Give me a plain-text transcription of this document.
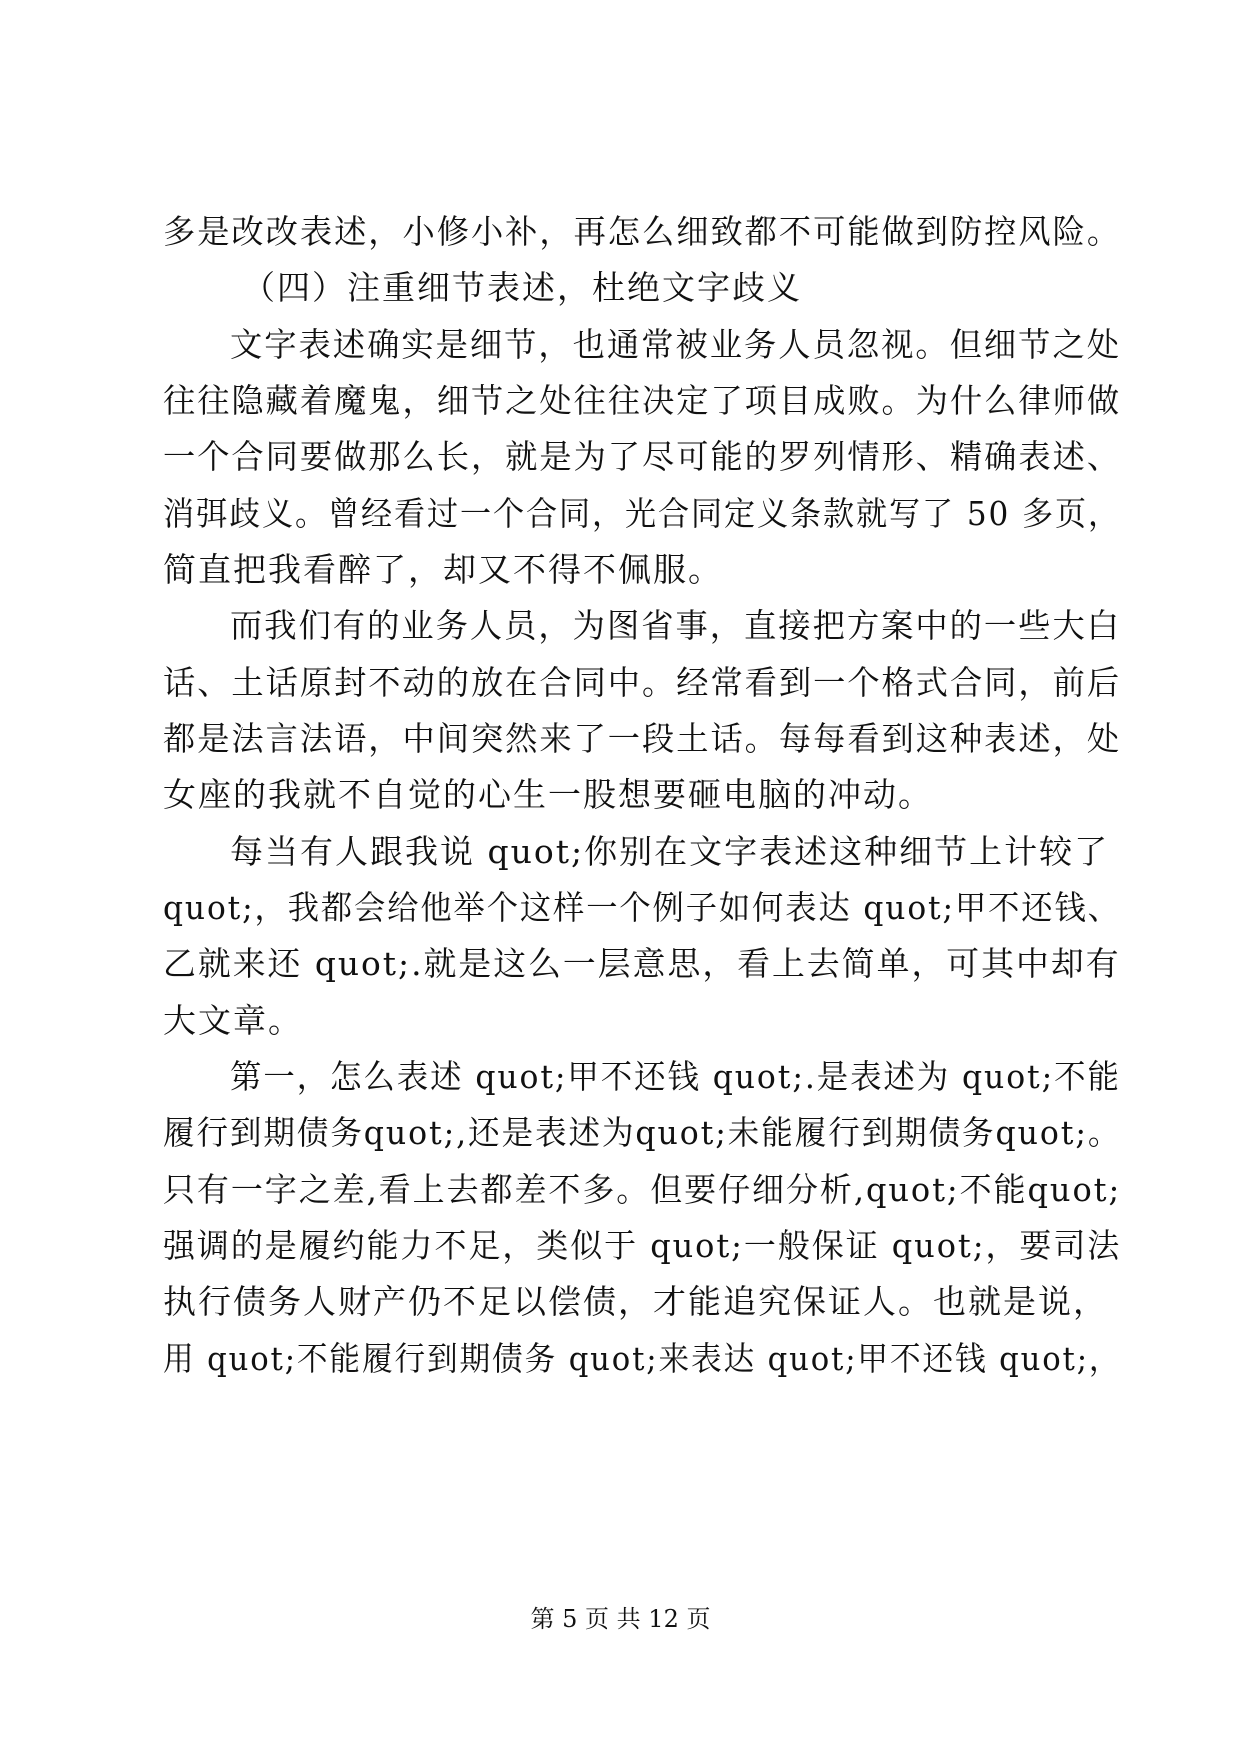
多是改改表述，小修小补，再怎么细致都不可能做到防控风险。
（四）注重细节表述，杜绝文字歧义
文字表述确实是细节，也通常被业务人员忽视。但细节之处
往往隐藏着魔鬼，细节之处往往决定了项目成败。为什么律师做
一个合同要做那么长，就是为了尽可能的罗列情形、精确表述、
消弭歧义。曾经看过一个合同，光合同定义条款就写了 50 多页，
简直把我看醉了，却又不得不佩服。
而我们有的业务人员，为图省事，直接把方案中的一些大白
话、土话原封不动的放在合同中。经常看到一个格式合同，前后
都是法言法语，中间突然来了一段土话。每每看到这种表述，处
女座的我就不自觉的心生一股想要砸电脑的冲动。
每当有人跟我说 quot;你别在文字表述这种细节上计较了
quot;，我都会给他举个这样一个例子如何表达 quot;甲不还钱、
乙就来还 quot;.就是这么一层意思，看上去简单，可其中却有
大文章。
第一，怎么表述 quot;甲不还钱 quot;.是表述为 quot;不能
履行到期债务quot;,还是表述为quot;未能履行到期债务quot;。
只有一字之差,看上去都差不多。但要仔细分析,quot;不能quot;
强调的是履约能力不足，类似于 quot;一般保证 quot;，要司法
执行债务人财产仍不足以偿债，才能追究保证人。也就是说，
用 quot;不能履行到期债务 quot;来表达 quot;甲不还钱 quot;，
第 5 页 共 12 页
